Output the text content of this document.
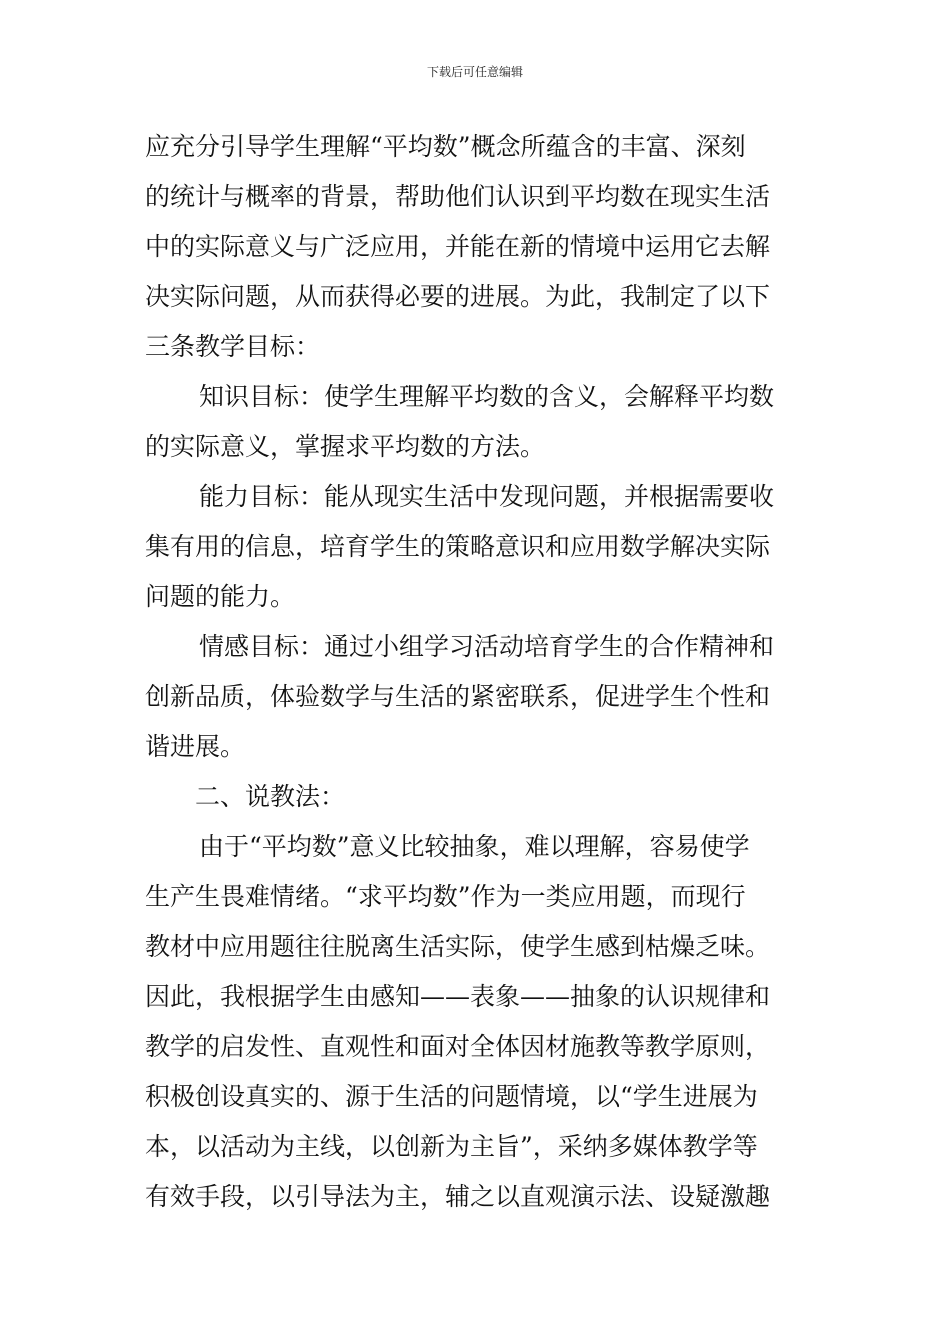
下载后可任意编辑
应充分引导学生理解“平均数”概念所蕴含的丰富、深刻
的统计与概率的背景，帮助他们认识到平均数在现实生活
中的实际意义与广泛应用，并能在新的情境中运用它去解
决实际问题，从而获得必要的进展。为此，我制定了以下
三条教学目标：
知识目标：使学生理解平均数的含义，会解释平均数
的实际意义，掌握求平均数的方法。
能力目标：能从现实生活中发现问题，并根据需要收
集有用的信息，培育学生的策略意识和应用数学解决实际
问题的能力。
情感目标：通过小组学习活动培育学生的合作精神和
创新品质，体验数学与生活的紧密联系，促进学生个性和
谐进展。
二、说教法：
由于“平均数”意义比较抽象，难以理解，容易使学
生产生畏难情绪。“求平均数”作为一类应用题，而现行
教材中应用题往往脱离生活实际，使学生感到枯燥乏味。
因此，我根据学生由感知——表象——抽象的认识规律和
教学的启发性、直观性和面对全体因材施教等教学原则，
积极创设真实的、源于生活的问题情境，以“学生进展为
本，以活动为主线，以创新为主旨”，采纳多媒体教学等
有效手段，以引导法为主，辅之以直观演示法、设疑激趣
